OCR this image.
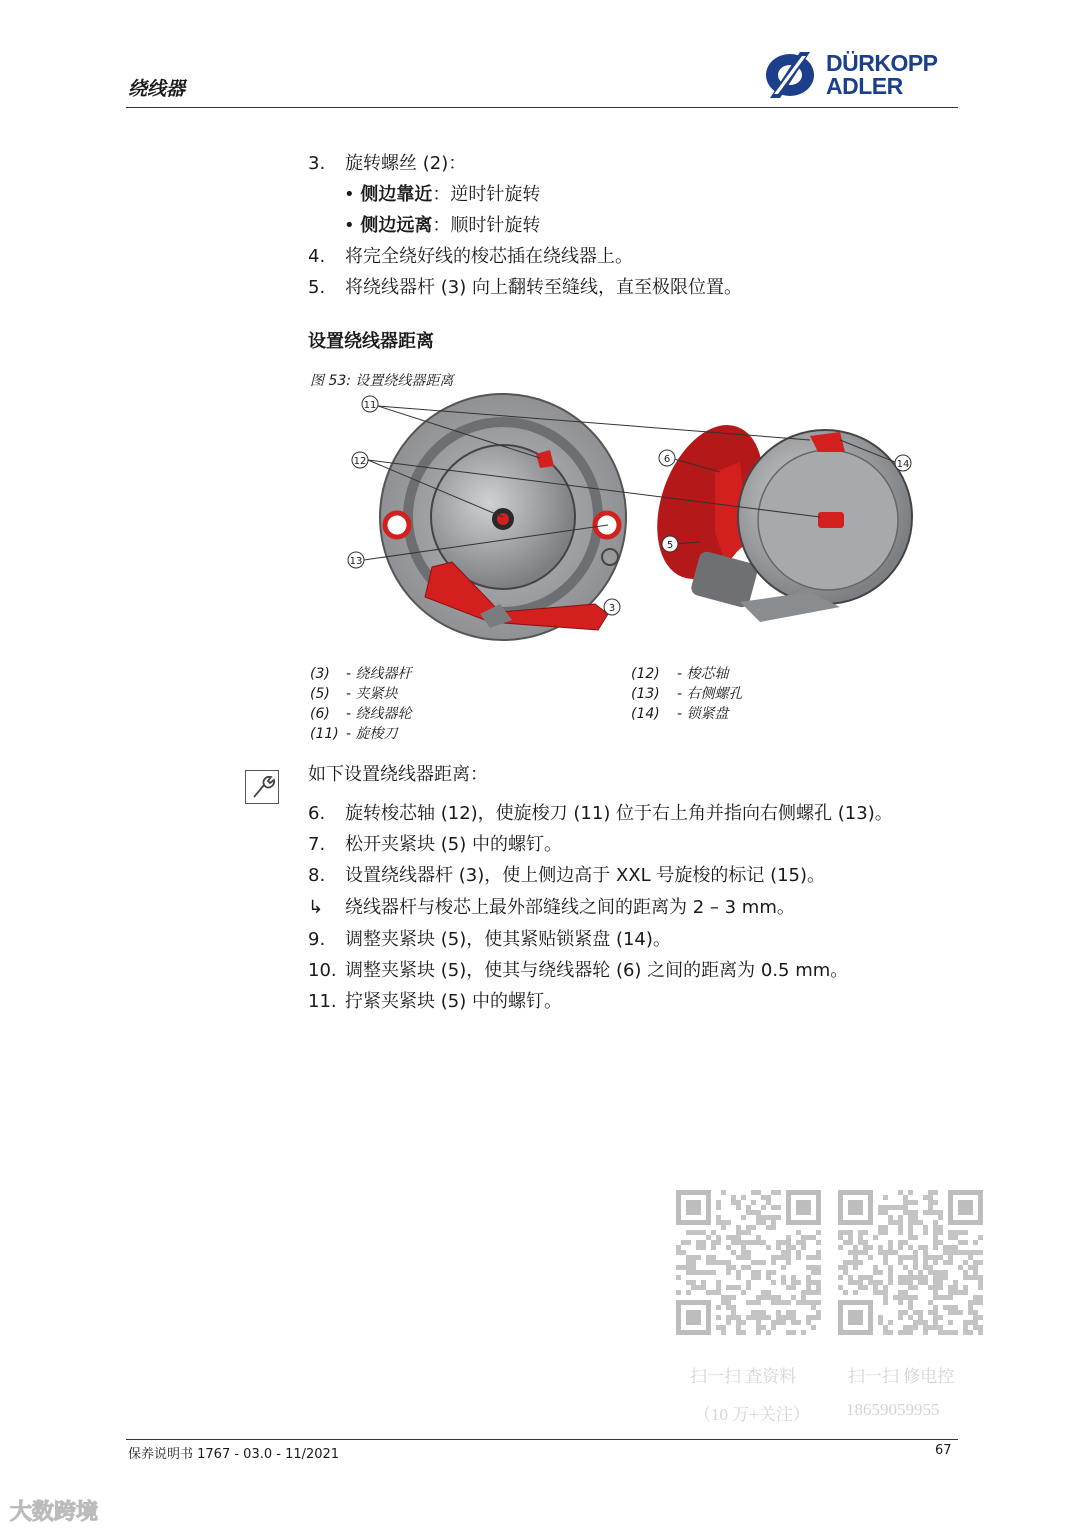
绕线器
DÜRKOPP
ADLER
3. 旋转螺丝 (2)：
• 侧边靠近：逆时针旋转
• 侧边远离：顺时针旋转
4. 将完全绕好线的梭芯插在绕线器上。
5. 将绕线器杆 (3) 向上翻转至缝线，直至极限位置。
设置绕线器距离
图 53: 设置绕线器距离
11
12
13
6	14
5
3
(3) - 绕线器杆
(5) - 夹紧块
(6) - 绕线器轮
(11) - 旋梭刀
(12) - 梭芯轴
(13) - 右侧螺孔
(14) - 锁紧盘
如下设置绕线器距离：
6. 旋转梭芯轴 (12)，使旋梭刀 (11) 位于右上角并指向右侧螺孔 (13)。
7. 松开夹紧块 (5) 中的螺钉。
8. 设置绕线器杆 (3)，使上侧边高于 XXL 号旋梭的标记 (15)。
↳ 绕线器杆与梭芯上最外部缝线之间的距离为 2 – 3 mm。
9. 调整夹紧块 (5)，使其紧贴锁紧盘 (14)。
10. 调整夹紧块 (5)，使其与绕线器轮 (6) 之间的距离为 0.5 mm。
11. 拧紧夹紧块 (5) 中的螺钉。
扫一扫 查资料
（10 万+关注）
扫一扫 修电控
18659059955
保养说明书 1767 - 03.0 - 11/2021	67
大数跨境
